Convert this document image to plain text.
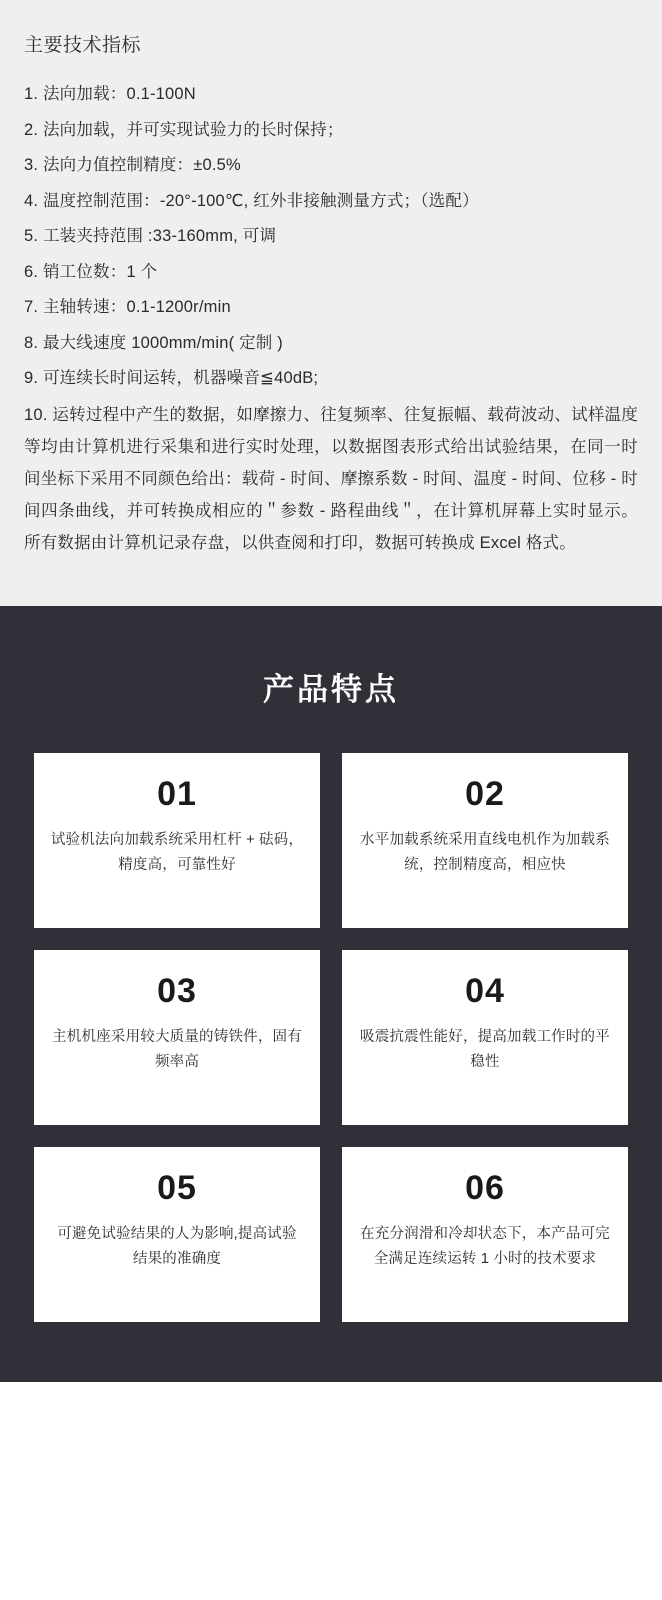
主要技术指标

1. 法向加载：0.1-100N

2. 法向加载，并可实现试验力的长时保持；

3. 法向力值控制精度：±0.5%

4. 温度控制范围：-20°-100℃, 红外非接触测量方式；（选配）

5. 工装夹持范围 :33-160mm, 可调

6. 销工位数：1 个

7. 主轴转速：0.1-1200r/min

8. 最大线速度 1000mm/min( 定制 )

9. 可连续长时间运转，机器噪音≦40dB;

10. 运转过程中产生的数据，如摩擦力、往复频率、往复振幅、载荷波动、试样温度等均由计算机进行采集和进行实时处理，以数据图表形式给出试验结果，在同一时间坐标下采用不同颜色给出：载荷 - 时间、摩擦系数 - 时间、温度 - 时间、位移 - 时间四条曲线，并可转换成相应的＂参数 - 路程曲线＂，在计算机屏幕上实时显示。所有数据由计算机记录存盘，以供查阅和打印，数据可转换成 Excel 格式。

产品特点
01
试验机法向加载系统采用杠杆 + 砝码，精度高，可靠性好
02
水平加载系统采用直线电机作为加载系统，控制精度高，相应快
03
主机机座采用较大质量的铸铁件，固有频率高
04
吸震抗震性能好，提高加载工作时的平稳性
05
可避免试验结果的人为影响,提高试验结果的准确度
06
在充分润滑和冷却状态下，本产品可完全满足连续运转 1 小时的技术要求
